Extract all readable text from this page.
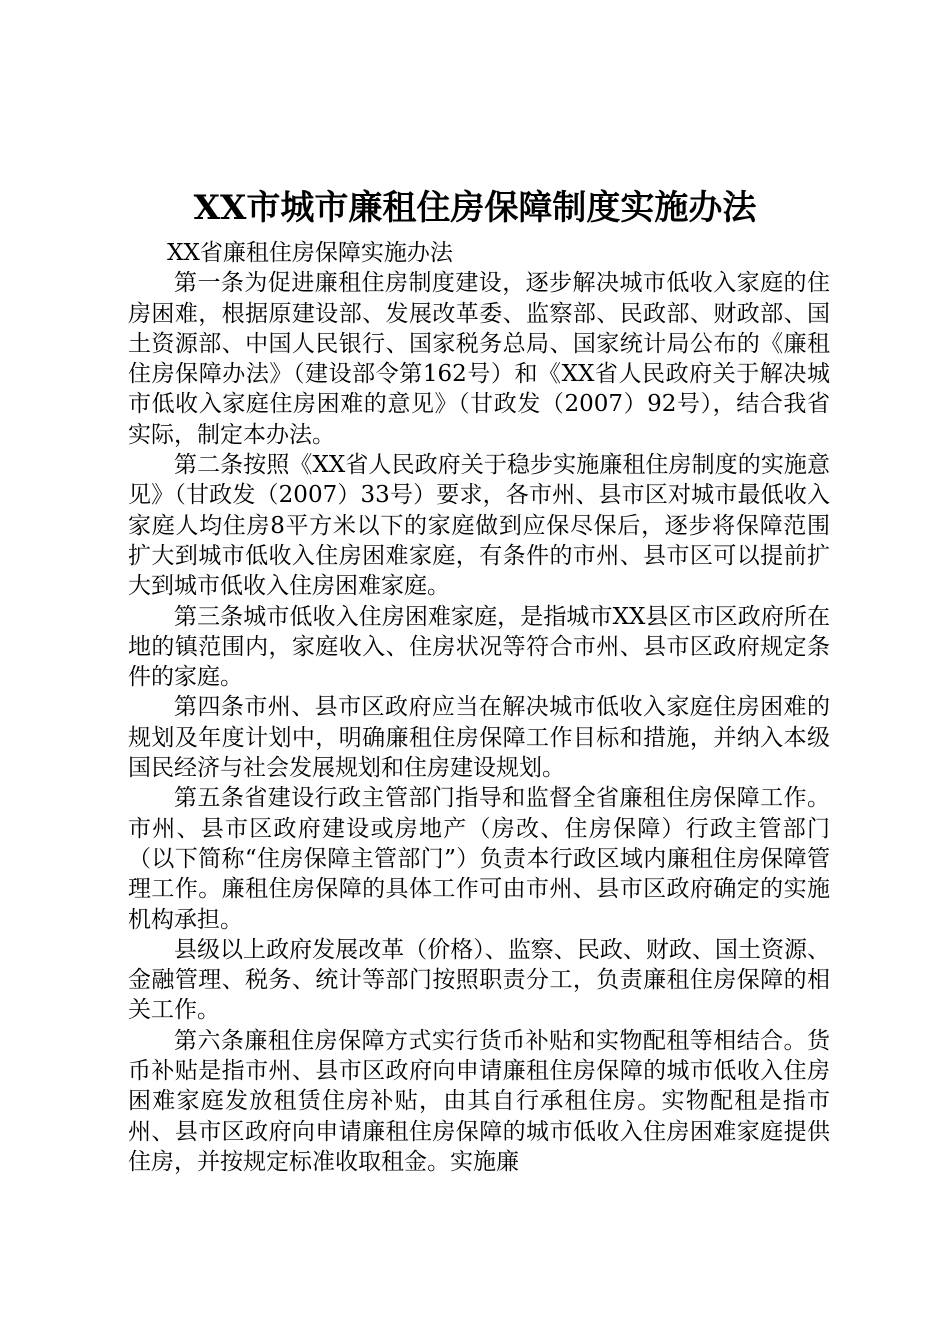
XX市城市廉租住房保障制度实施办法

XX省廉租住房保障实施办法

第一条为促进廉租住房制度建设，逐步解决城市低收入家庭的住房困难，根据原建设部、发展改革委、监察部、民政部、财政部、国土资源部、中国人民银行、国家税务总局、国家统计局公布的《廉租住房保障办法》（建设部令第162号）和《XX省人民政府关于解决城市低收入家庭住房困难的意见》（甘政发（2007）92号），结合我省实际，制定本办法。

第二条按照《XX省人民政府关于稳步实施廉租住房制度的实施意见》（甘政发（2007）33号）要求，各市州、县市区对城市最低收入家庭人均住房8平方米以下的家庭做到应保尽保后，逐步将保障范围扩大到城市低收入住房困难家庭，有条件的市州、县市区可以提前扩大到城市低收入住房困难家庭。

第三条城市低收入住房困难家庭，是指城市XX县区市区政府所在地的镇范围内，家庭收入、住房状况等符合市州、县市区政府规定条件的家庭。

第四条市州、县市区政府应当在解决城市低收入家庭住房困难的规划及年度计划中，明确廉租住房保障工作目标和措施，并纳入本级国民经济与社会发展规划和住房建设规划。

第五条省建设行政主管部门指导和监督全省廉租住房保障工作。市州、县市区政府建设或房地产（房改、住房保障）行政主管部门（以下简称“住房保障主管部门”）负责本行政区域内廉租住房保障管理工作。廉租住房保障的具体工作可由市州、县市区政府确定的实施机构承担。

县级以上政府发展改革（价格）、监察、民政、财政、国土资源、金融管理、税务、统计等部门按照职责分工，负责廉租住房保障的相关工作。

第六条廉租住房保障方式实行货币补贴和实物配租等相结合。货币补贴是指市州、县市区政府向申请廉租住房保障的城市低收入住房困难家庭发放租赁住房补贴，由其自行承租住房。实物配租是指市州、县市区政府向申请廉租住房保障的城市低收入住房困难家庭提供住房，并按规定标准收取租金。实施廉
